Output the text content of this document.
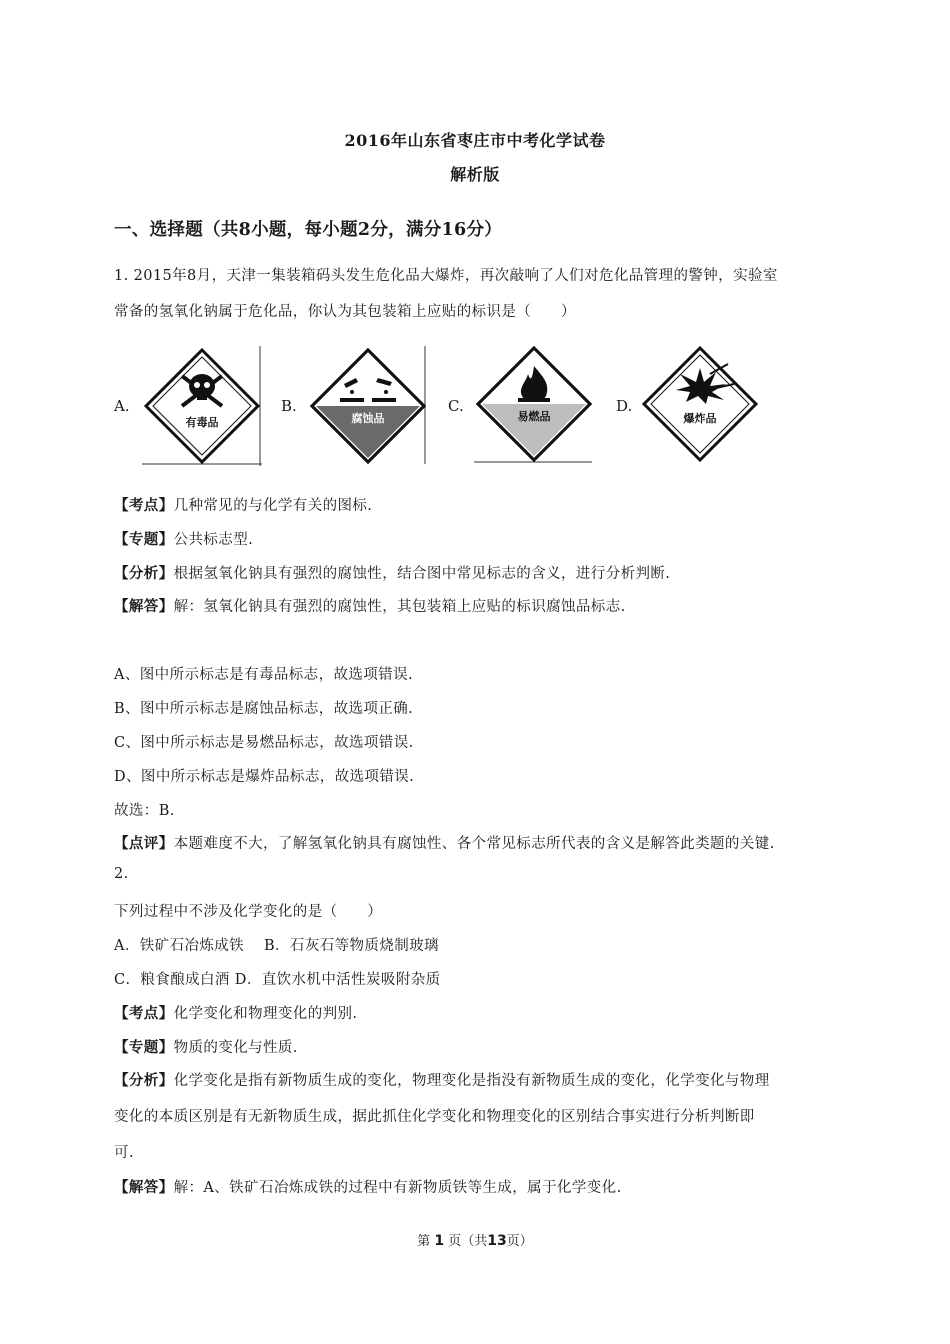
2016年山东省枣庄市中考化学试卷
解析版
一、选择题（共8小题，每小题2分，满分16分）
1. 2015年8月，天津一集装箱码头发生危化品大爆炸，再次敲响了人们对危化品管理的警钟，实验室
常备的氢氧化钠属于危化品，你认为其包装箱上应贴的标识是（　　）
A.
有毒品
B.
腐蚀品
C.
易燃品
D.
爆炸品
【考点】几种常见的与化学有关的图标.
【专题】公共标志型.
【分析】根据氢氧化钠具有强烈的腐蚀性，结合图中常见标志的含义，进行分析判断.
【解答】解：氢氧化钠具有强烈的腐蚀性，其包装箱上应贴的标识腐蚀品标志.
A、图中所示标志是有毒品标志，故选项错误.
B、图中所示标志是腐蚀品标志，故选项正确.
C、图中所示标志是易燃品标志，故选项错误.
D、图中所示标志是爆炸品标志，故选项错误.
故选：B.
【点评】本题难度不大，了解氢氧化钠具有腐蚀性、各个常见标志所代表的含义是解答此类题的关键.
2.
下列过程中不涉及化学变化的是（　　）
A．铁矿石冶炼成铁　 B．石灰石等物质烧制玻璃
C．粮食酿成白酒 D．直饮水机中活性炭吸附杂质
【考点】化学变化和物理变化的判别.
【专题】物质的变化与性质.
【分析】化学变化是指有新物质生成的变化，物理变化是指没有新物质生成的变化，化学变化与物理
变化的本质区别是有无新物质生成，据此抓住化学变化和物理变化的区别结合事实进行分析判断即
可.
【解答】解：A、铁矿石冶炼成铁的过程中有新物质铁等生成，属于化学变化.
第 1 页（共13页）
